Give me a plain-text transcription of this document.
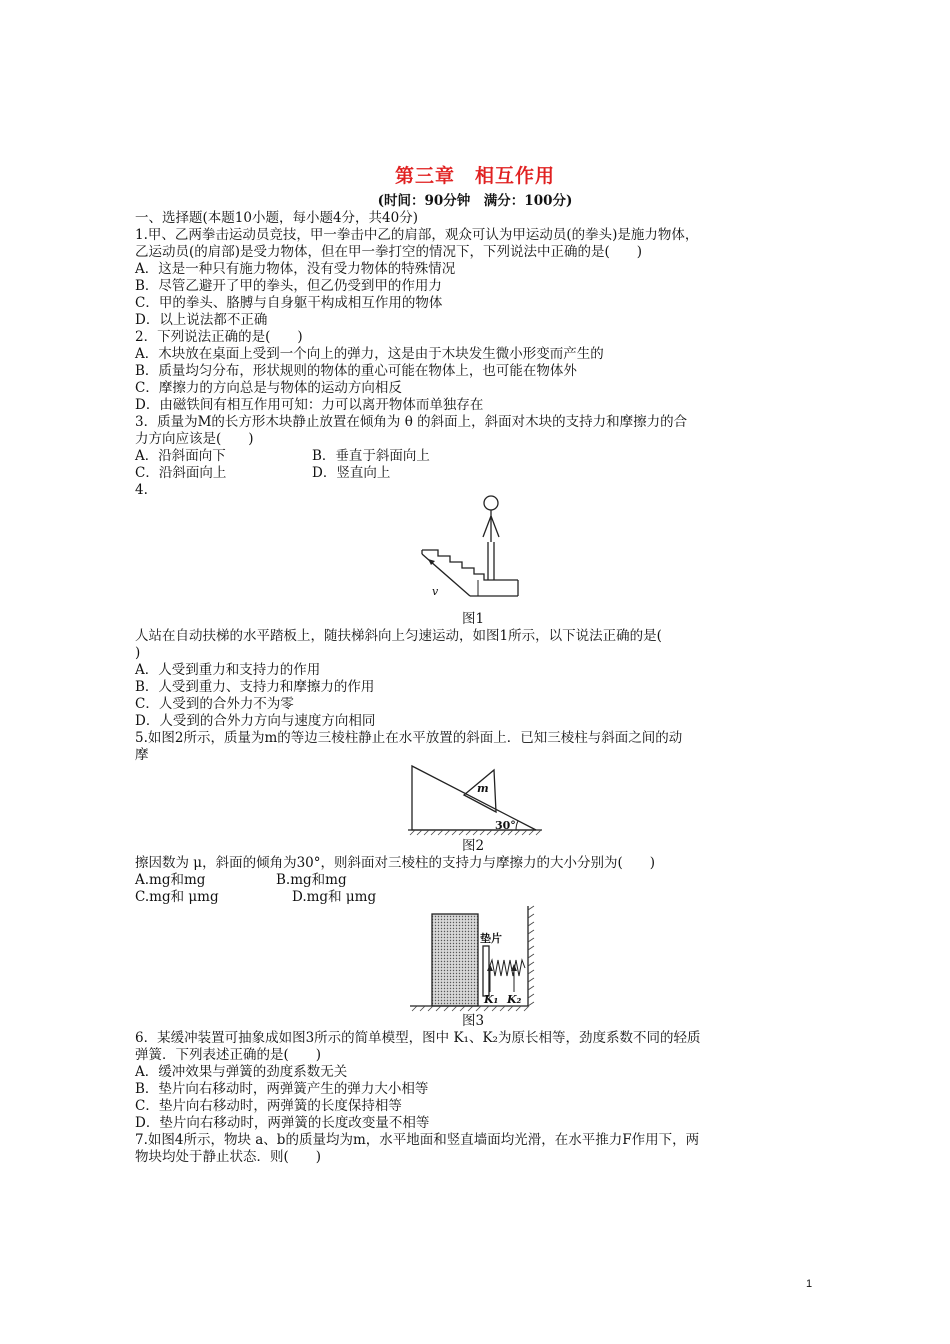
第三章　相互作用
(时间：90分钟　满分：100分)
一、选择题(本题10小题，每小题4分，共40分)
1.甲、乙两拳击运动员竞技，甲一拳击中乙的肩部，观众可认为甲运动员(的拳头)是施力物体，
乙运动员(的肩部)是受力物体，但在甲一拳打空的情况下，下列说法中正确的是(　　)
A．这是一种只有施力物体，没有受力物体的特殊情况
B．尽管乙避开了甲的拳头，但乙仍受到甲的作用力
C．甲的拳头、胳膊与自身躯干构成相互作用的物体
D．以上说法都不正确
2．下列说法正确的是(　　)
A．木块放在桌面上受到一个向上的弹力，这是由于木块发生微小形变而产生的
B．质量均匀分布，形状规则的物体的重心可能在物体上，也可能在物体外
C．摩擦力的方向总是与物体的运动方向相反
D．由磁铁间有相互作用可知：力可以离开物体而单独存在
3．质量为M的长方形木块静止放置在倾角为 θ 的斜面上，斜面对木块的支持力和摩擦力的合
力方向应该是(　　)
A．沿斜面向下	B．垂直于斜面向上
C．沿斜面向上	D．竖直向上
4.
v
图1
人站在自动扶梯的水平踏板上，随扶梯斜向上匀速运动，如图1所示，以下说法正确的是(
)
A．人受到重力和支持力的作用
B．人受到重力、支持力和摩擦力的作用
C．人受到的合外力不为零
D．人受到的合外力方向与速度方向相同
5.如图2所示，质量为m的等边三棱柱静止在水平放置的斜面上．已知三棱柱与斜面之间的动
摩
m
30°
图2
擦因数为 μ，斜面的倾角为30°，则斜面对三棱柱的支持力与摩擦力的大小分别为(　　)
A.mg和mg	B.mg和mg
C.mg和 μmg	D.mg和 μmg
垫片
K₁ K₂
图3
6．某缓冲装置可抽象成如图3所示的简单模型，图中 K₁、K₂为原长相等，劲度系数不同的轻质
弹簧．下列表述正确的是(　　)
A．缓冲效果与弹簧的劲度系数无关
B．垫片向右移动时，两弹簧产生的弹力大小相等
C．垫片向右移动时，两弹簧的长度保持相等
D．垫片向右移动时，两弹簧的长度改变量不相等
7.如图4所示，物块 a、b的质量均为m，水平地面和竖直墙面均光滑，在水平推力F作用下，两
物块均处于静止状态．则(　　)
1
